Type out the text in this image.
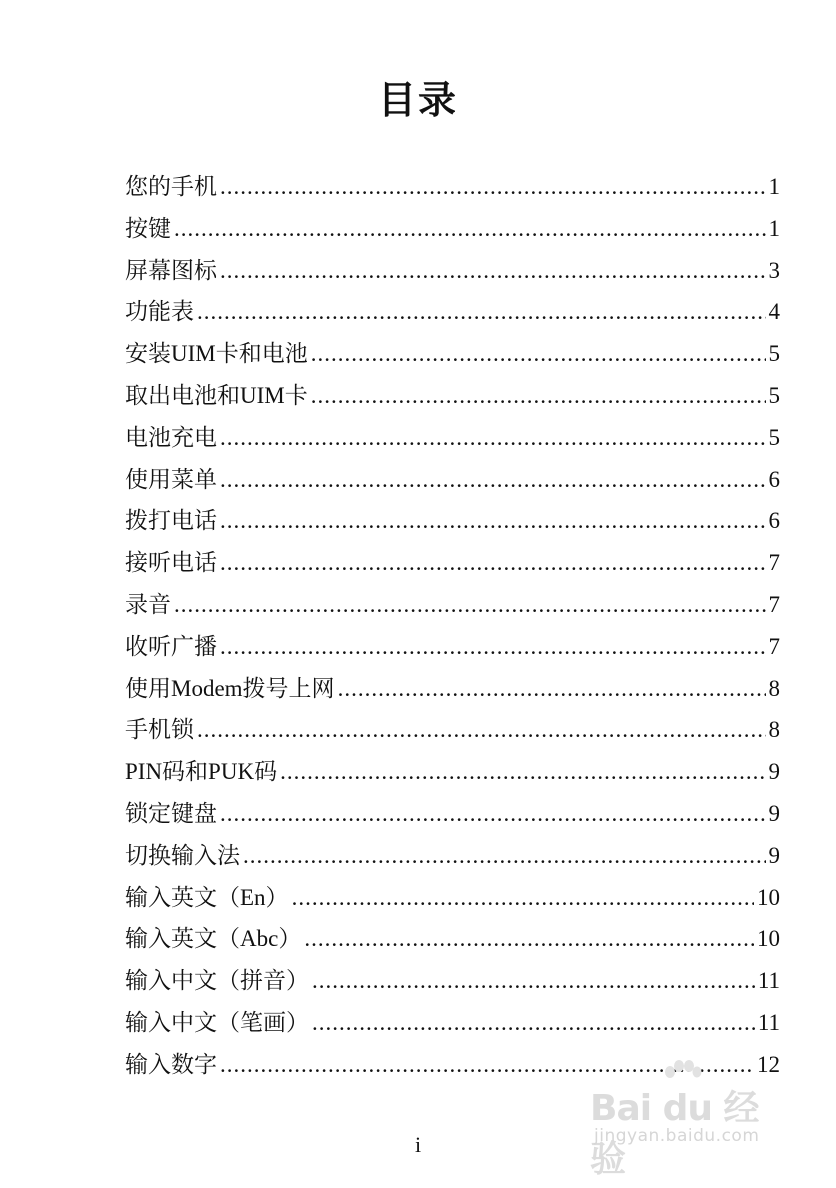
目录
您的手机 .....	1
按键 .....	1
屏幕图标 .....	3
功能表 .....	4
安装UIM卡和电池 .....	5
取出电池和UIM卡 .....	5
电池充电 .....	5
使用菜单 .....	6
拨打电话 .....	6
接听电话 .....	7
录音 .....	7
收听广播 .....	7
使用Modem拨号上网 .....	8
手机锁 .....	8
PIN码和PUK码 .....	9
锁定键盘 .....	9
切换输入法 .....	9
输入英文（En） .....	10
输入英文（Abc） .....	10
输入中文（拼音） .....	11
输入中文（笔画） .....	11
输入数字 .....	12
Bai du 经验
jingyan.baidu.com
i
